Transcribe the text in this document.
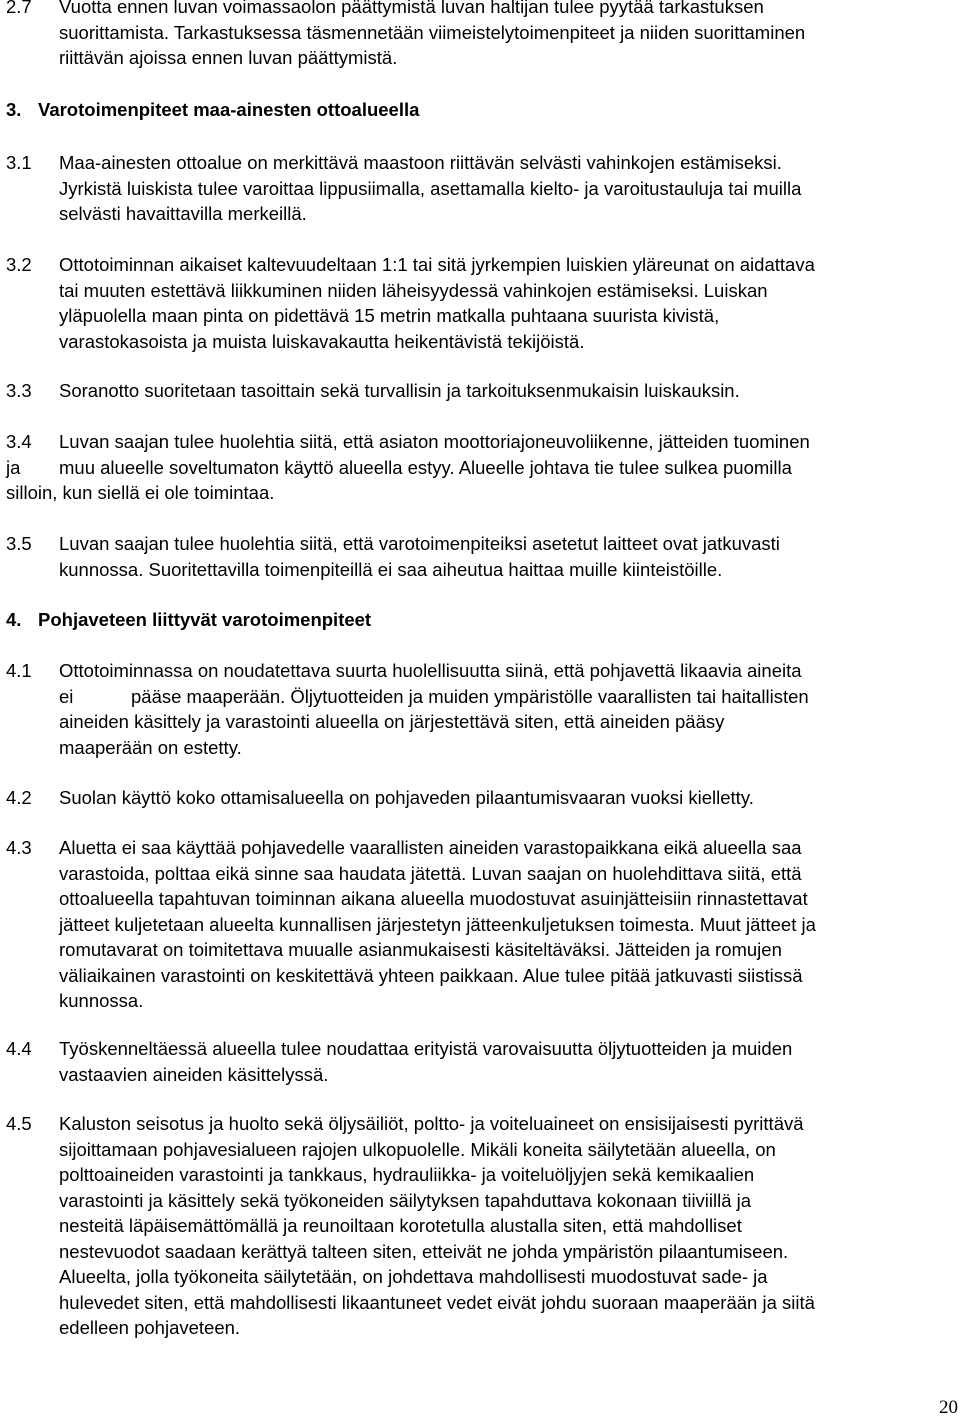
2.7 Vuotta ennen luvan voimassaolon päättymistä luvan haltijan tulee pyytää tarkastuksen
suorittamista. Tarkastuksessa täsmennetään viimeistelytoimenpiteet ja niiden suorittaminen
riittävän ajoissa ennen luvan päättymistä.
3. Varotoimenpiteet maa-ainesten ottoalueella
3.1 Maa-ainesten ottoalue on merkittävä maastoon riittävän selvästi vahinkojen estämiseksi.
Jyrkistä luiskista tulee varoittaa lippusiimalla, asettamalla kielto- ja varoitustauluja tai muilla
selvästi havaittavilla merkeillä.
3.2 Ottotoiminnan aikaiset kaltevuudeltaan 1:1 tai sitä jyrkempien luiskien yläreunat on aidattava
tai muuten estettävä liikkuminen niiden läheisyydessä vahinkojen estämiseksi. Luiskan
yläpuolella maan pinta on pidettävä 15 metrin matkalla puhtaana suurista kivistä,
varastokasoista ja muista luiskavakautta heikentävistä tekijöistä.
3.3 Soranotto suoritetaan tasoittain sekä turvallisin ja tarkoituksenmukaisin luiskauksin.
3.4	Luvan saajan tulee huolehtia siitä, että asiaton moottoriajoneuvoliikenne, jätteiden tuominen
ja	muu alueelle soveltumaton käyttö alueella estyy. Alueelle johtava tie tulee sulkea puomilla
silloin, kun siellä ei ole toimintaa.
3.5 Luvan saajan tulee huolehtia siitä, että varotoimenpiteiksi asetetut laitteet ovat jatkuvasti
kunnossa. Suoritettavilla toimenpiteillä ei saa aiheutua haittaa muille kiinteistöille.
4. Pohjaveteen liittyvät varotoimenpiteet
4.1	Ottotoiminnassa on noudatettava suurta huolellisuutta siinä, että pohjavettä likaavia aineita
ei	pääse maaperään. Öljytuotteiden ja muiden ympäristölle vaarallisten tai haitallisten
aineiden käsittely ja varastointi alueella on järjestettävä siten, että aineiden pääsy
maaperään on estetty.
4.2 Suolan käyttö koko ottamisalueella on pohjaveden pilaantumisvaaran vuoksi kielletty.
4.3 Aluetta ei saa käyttää pohjavedelle vaarallisten aineiden varastopaikkana eikä alueella saa
varastoida, polttaa eikä sinne saa haudata jätettä. Luvan saajan on huolehdittava siitä, että
ottoalueella tapahtuvan toiminnan aikana alueella muodostuvat asuinjätteisiin rinnastettavat
jätteet kuljetetaan alueelta kunnallisen järjestetyn jätteenkuljetuksen toimesta. Muut jätteet ja
romutavarat on toimitettava muualle asianmukaisesti käsiteltäväksi. Jätteiden ja romujen
väliaikainen varastointi on keskitettävä yhteen paikkaan. Alue tulee pitää jatkuvasti siistissä
kunnossa.
4.4 Työskenneltäessä alueella tulee noudattaa erityistä varovaisuutta öljytuotteiden ja muiden
vastaavien aineiden käsittelyssä.
4.5 Kaluston seisotus ja huolto sekä öljysäiliöt, poltto- ja voiteluaineet on ensisijaisesti pyrittävä
sijoittamaan pohjavesialueen rajojen ulkopuolelle. Mikäli koneita säilytetään alueella, on
polttoaineiden varastointi ja tankkaus, hydrauliikka- ja voiteluöljyjen sekä kemikaalien
varastointi ja käsittely sekä työkoneiden säilytyksen tapahduttava kokonaan tiiviillä ja
nesteitä läpäisemättömällä ja reunoiltaan korotetulla alustalla siten, että mahdolliset
nestevuodot saadaan kerättyä talteen siten, etteivät ne johda ympäristön pilaantumiseen.
Alueelta, jolla työkoneita säilytetään, on johdettava mahdollisesti muodostuvat sade- ja
hulevedet siten, että mahdollisesti likaantuneet vedet eivät johdu suoraan maaperään ja siitä
edelleen pohjaveteen.
20
